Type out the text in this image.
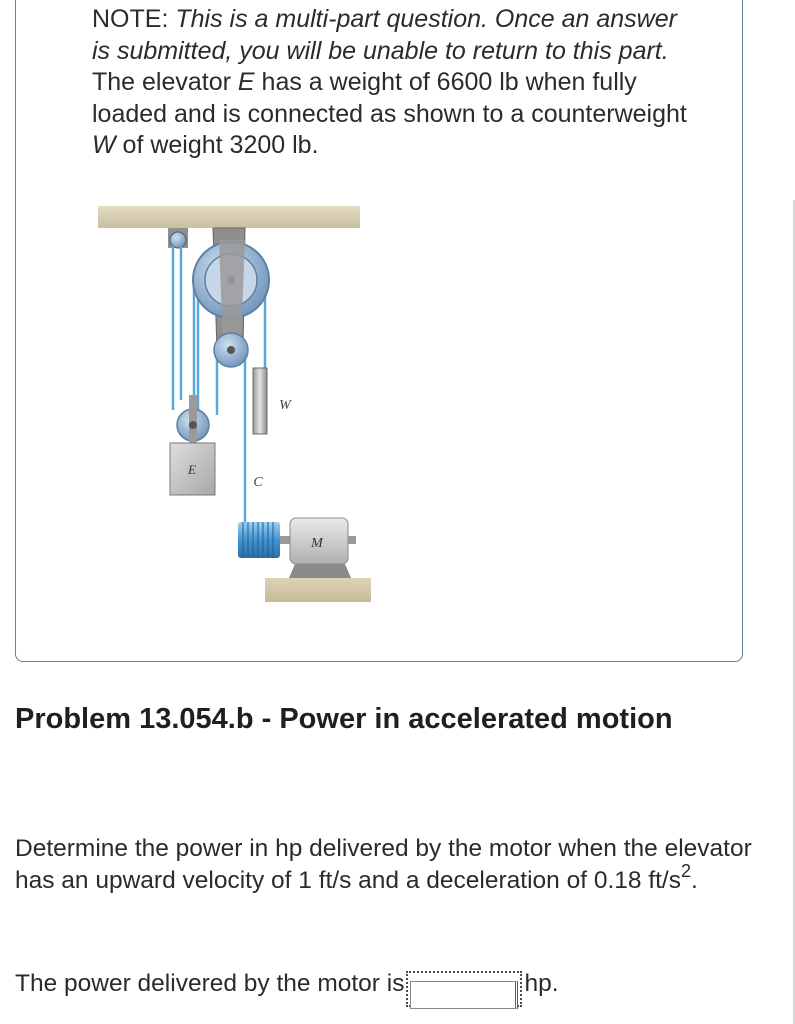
NOTE: This is a multi-part question. Once an answer is submitted, you will be unable to return to this part.

The elevator E has a weight of 6600 lb when fully loaded and is connected as shown to a counterweight W of weight 3200 lb.

E
W
C
M
Problem 13.054.b - Power in accelerated motion

Determine the power in hp delivered by the motor when the elevator has an upward velocity of 1 ft/s and a deceleration of 0.18 $ft/s^2$.

The power delivered by the motor is	hp.
